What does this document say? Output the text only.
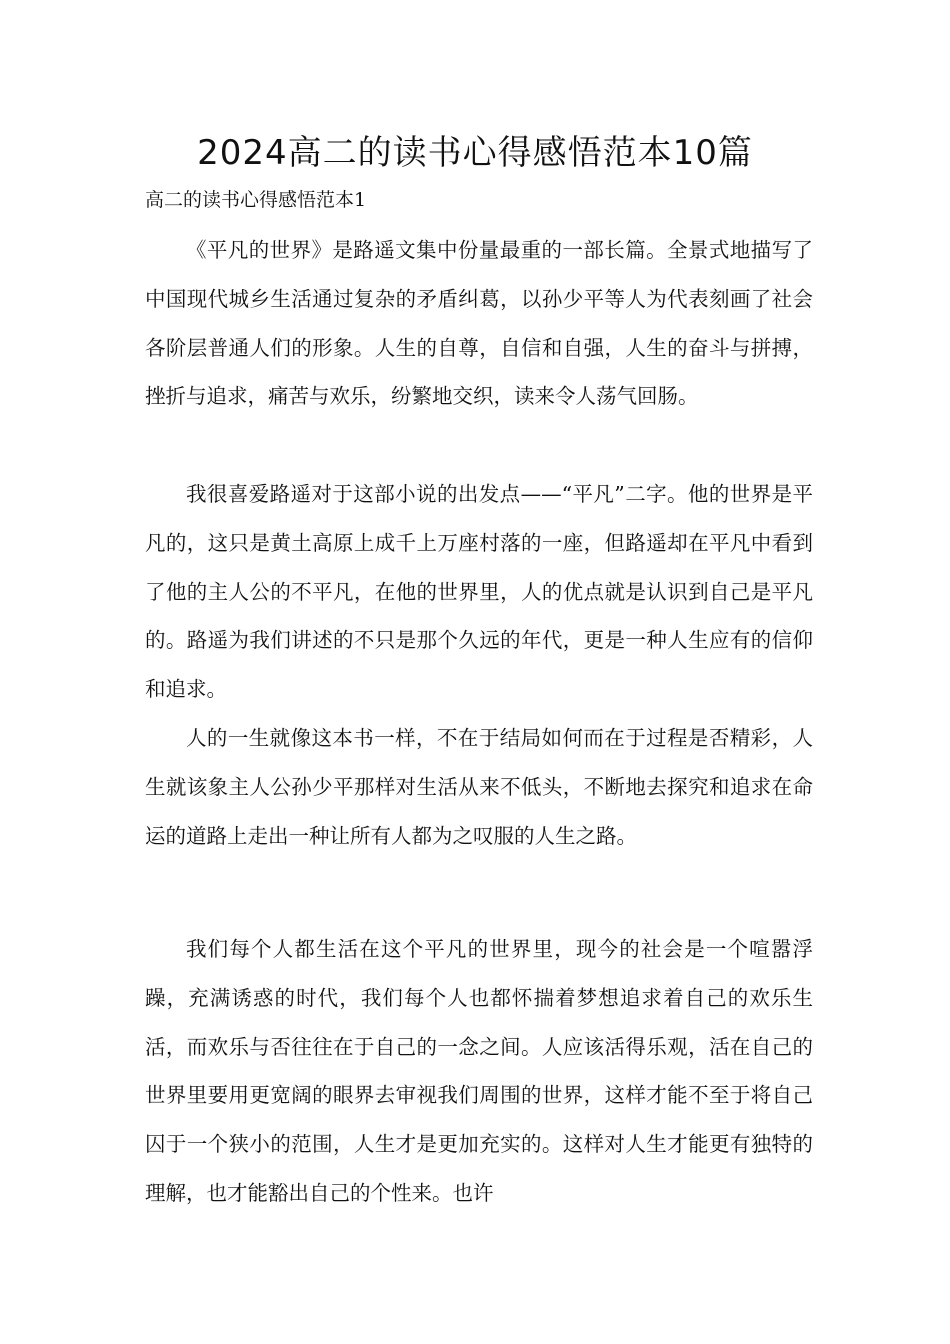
2024高二的读书心得感悟范本10篇

高二的读书心得感悟范本1

《平凡的世界》是路遥文集中份量最重的一部长篇。全景式地描写了中国现代城乡生活通过复杂的矛盾纠葛，以孙少平等人为代表刻画了社会各阶层普通人们的形象。人生的自尊，自信和自强，人生的奋斗与拼搏，挫折与追求，痛苦与欢乐，纷繁地交织，读来令人荡气回肠。

我很喜爱路遥对于这部小说的出发点——“平凡”二字。他的世界是平凡的，这只是黄土高原上成千上万座村落的一座，但路遥却在平凡中看到了他的主人公的不平凡，在他的世界里，人的优点就是认识到自己是平凡的。路遥为我们讲述的不只是那个久远的年代，更是一种人生应有的信仰和追求。

人的一生就像这本书一样，不在于结局如何而在于过程是否精彩，人生就该象主人公孙少平那样对生活从来不低头，不断地去探究和追求在命运的道路上走出一种让所有人都为之叹服的人生之路。

我们每个人都生活在这个平凡的世界里，现今的社会是一个喧嚣浮躁，充满诱惑的时代，我们每个人也都怀揣着梦想追求着自己的欢乐生活，而欢乐与否往往在于自己的一念之间。人应该活得乐观，活在自己的世界里要用更宽阔的眼界去审视我们周围的世界，这样才能不至于将自己囚于一个狭小的范围，人生才是更加充实的。这样对人生才能更有独特的理解，也才能豁出自己的个性来。也许
